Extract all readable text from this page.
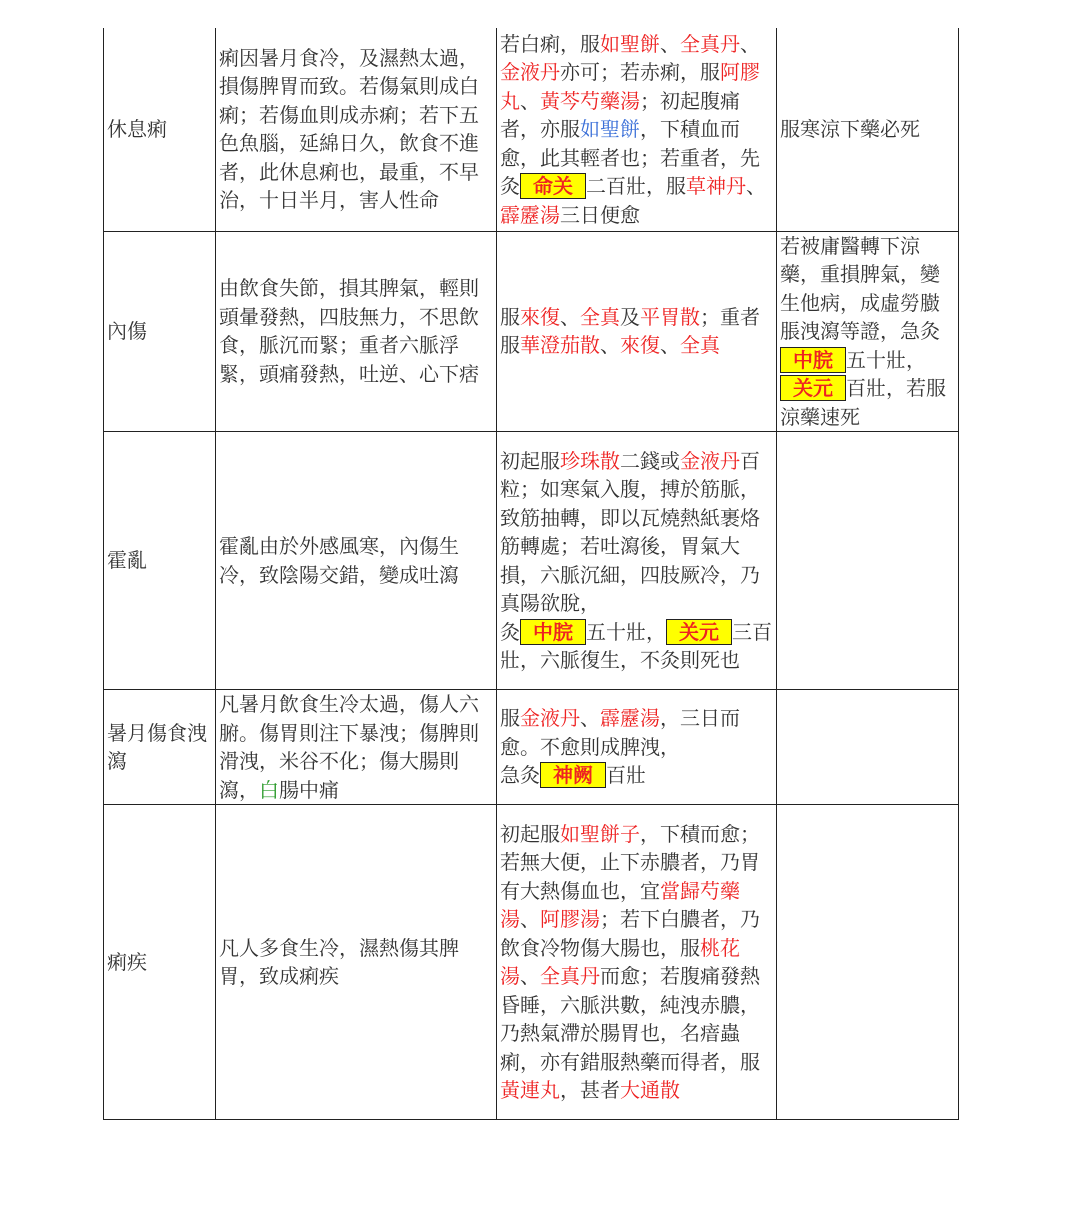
休息痢	痢因暑月食冷，及濕熱太過，損傷脾胃而致。若傷氣則成白痢；若傷血則成赤痢；若下五色魚腦，延綿日久，飲食不進者，此休息痢也，最重，不早治，十日半月，害人性命	若白痢，服如聖餅、全真丹、金液丹亦可；若赤痢，服阿膠丸、黃芩芍藥湯；初起腹痛者，亦服如聖餅，下積血而愈，此其輕者也；若重者，先灸 命关 二百壯，服草神丹、霹靂湯三日便愈	服寒涼下藥必死
內傷	由飲食失節，損其脾氣，輕則頭暈發熱，四肢無力，不思飲食，脈沉而緊；重者六脈浮緊，頭痛發熱，吐逆、心下痞	服來復、全真及平胃散；重者服華澄茄散、來復、全真	若被庸醫轉下涼藥，重損脾氣，變生他病，成虛勞臌脹洩瀉等證，急灸中脘 五十壯，关元 百壯，若服涼藥速死
霍亂	霍亂由於外感風寒，內傷生冷，致陰陽交錯，變成吐瀉	初起服珍珠散二錢或金液丹百粒；如寒氣入腹，搏於筋脈，致筋抽轉，即以瓦燒熱紙裹烙筋轉處；若吐瀉後，胃氣大損，六脈沉細，四肢厥冷，乃真陽欲脫，
灸 中脘 五十壯， 关元 三百壯，六脈復生，不灸則死也	
暑月傷食洩瀉	凡暑月飲食生冷太過，傷人六腑。傷胃則注下暴洩；傷脾則滑洩，米谷不化；傷大腸則瀉，白腸中痛	服金液丹、霹靂湯，三日而愈。不愈則成脾洩，
急灸 神阙 百壯	
痢疾	凡人多食生冷，濕熱傷其脾胃，致成痢疾	初起服如聖餅子，下積而愈；若無大便，止下赤膿者，乃胃有大熱傷血也，宜當歸芍藥湯、阿膠湯；若下白膿者，乃飲食冷物傷大腸也，服桃花湯、全真丹而愈；若腹痛發熱昏睡，六脈洪數，純洩赤膿，乃熱氣滯於腸胃也，名瘖蟲痢，亦有錯服熱藥而得者，服黃連丸，甚者大通散	
